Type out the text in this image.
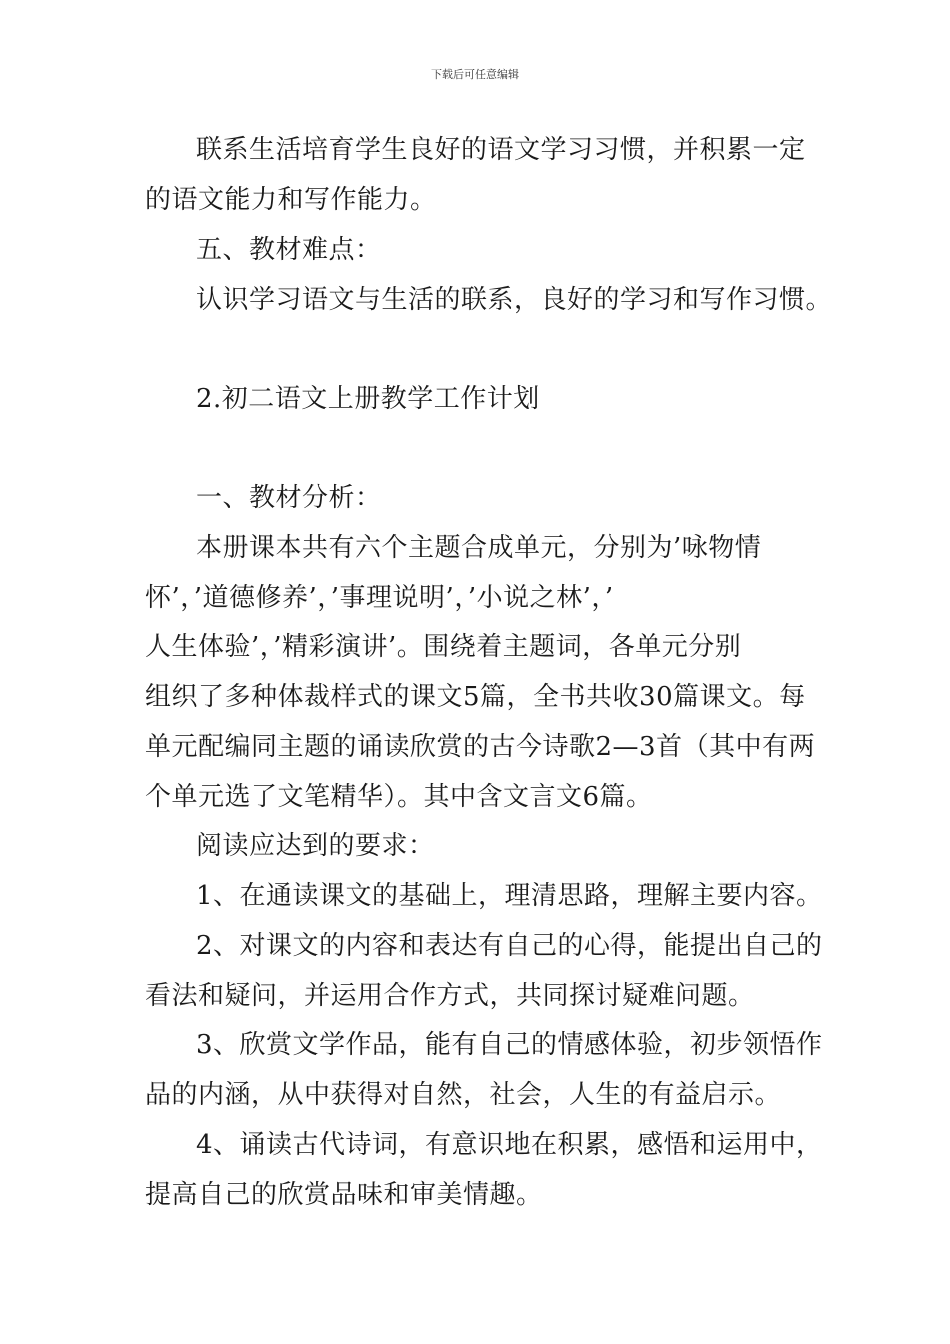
下载后可任意编辑
联系生活培育学生良好的语文学习习惯，并积累一定
的语文能力和写作能力。
五、教材难点：
认识学习语文与生活的联系，良好的学习和写作习惯。
2.初二语文上册教学工作计划
一、教材分析：
本册课本共有六个主题合成单元，分别为’咏物情
怀’，’道德修养’，’事理说明’，’小说之林’，’
人生体验’，’精彩演讲’。围绕着主题词，各单元分别
组织了多种体裁样式的课文5篇，全书共收30篇课文。每
单元配编同主题的诵读欣赏的古今诗歌2—3首（其中有两
个单元选了文笔精华）。其中含文言文6篇。
阅读应达到的要求：
1、在通读课文的基础上，理清思路，理解主要内容。
2、对课文的内容和表达有自己的心得，能提出自己的
看法和疑问，并运用合作方式，共同探讨疑难问题。
3、欣赏文学作品，能有自己的情感体验，初步领悟作
品的内涵，从中获得对自然，社会，人生的有益启示。
4、诵读古代诗词，有意识地在积累，感悟和运用中，
提高自己的欣赏品味和审美情趣。
